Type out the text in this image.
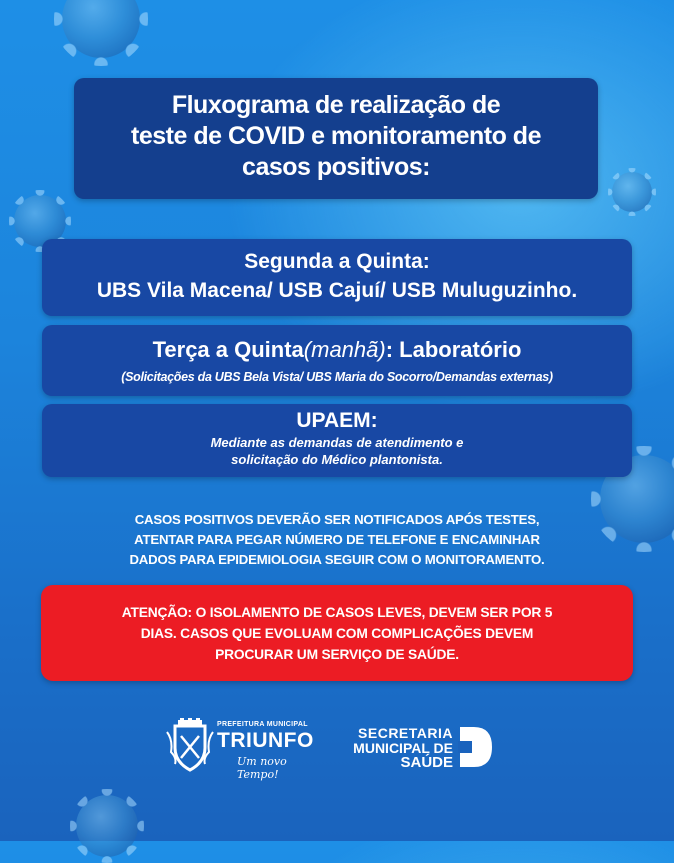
Fluxograma de realização de
teste de COVID e monitoramento de
casos positivos:
Segunda a Quinta:
UBS Vila Macena/ USB Cajuí/ USB Muluguzinho.
Terça a Quinta(manhã): Laboratório
(Solicitações da UBS Bela Vista/ UBS Maria do Socorro/Demandas externas)
UPAEM:
Mediante as demandas de atendimento e
solicitação do Médico plantonista.
CASOS POSITIVOS DEVERÃO SER NOTIFICADOS APÓS TESTES,
ATENTAR PARA PEGAR NÚMERO DE TELEFONE E ENCAMINHAR
DADOS PARA EPIDEMIOLOGIA SEGUIR COM O MONITORAMENTO.
ATENÇÃO: O ISOLAMENTO DE CASOS LEVES, DEVEM SER POR 5
DIAS. CASOS QUE EVOLUAM COM COMPLICAÇÕES DEVEM
PROCURAR UM SERVIÇO DE SAÚDE.
PREFEITURA MUNICIPAL
TRIUNFO
Um novo Tempo!
SECRETARIA
MUNICIPAL DE
SAÚDE
